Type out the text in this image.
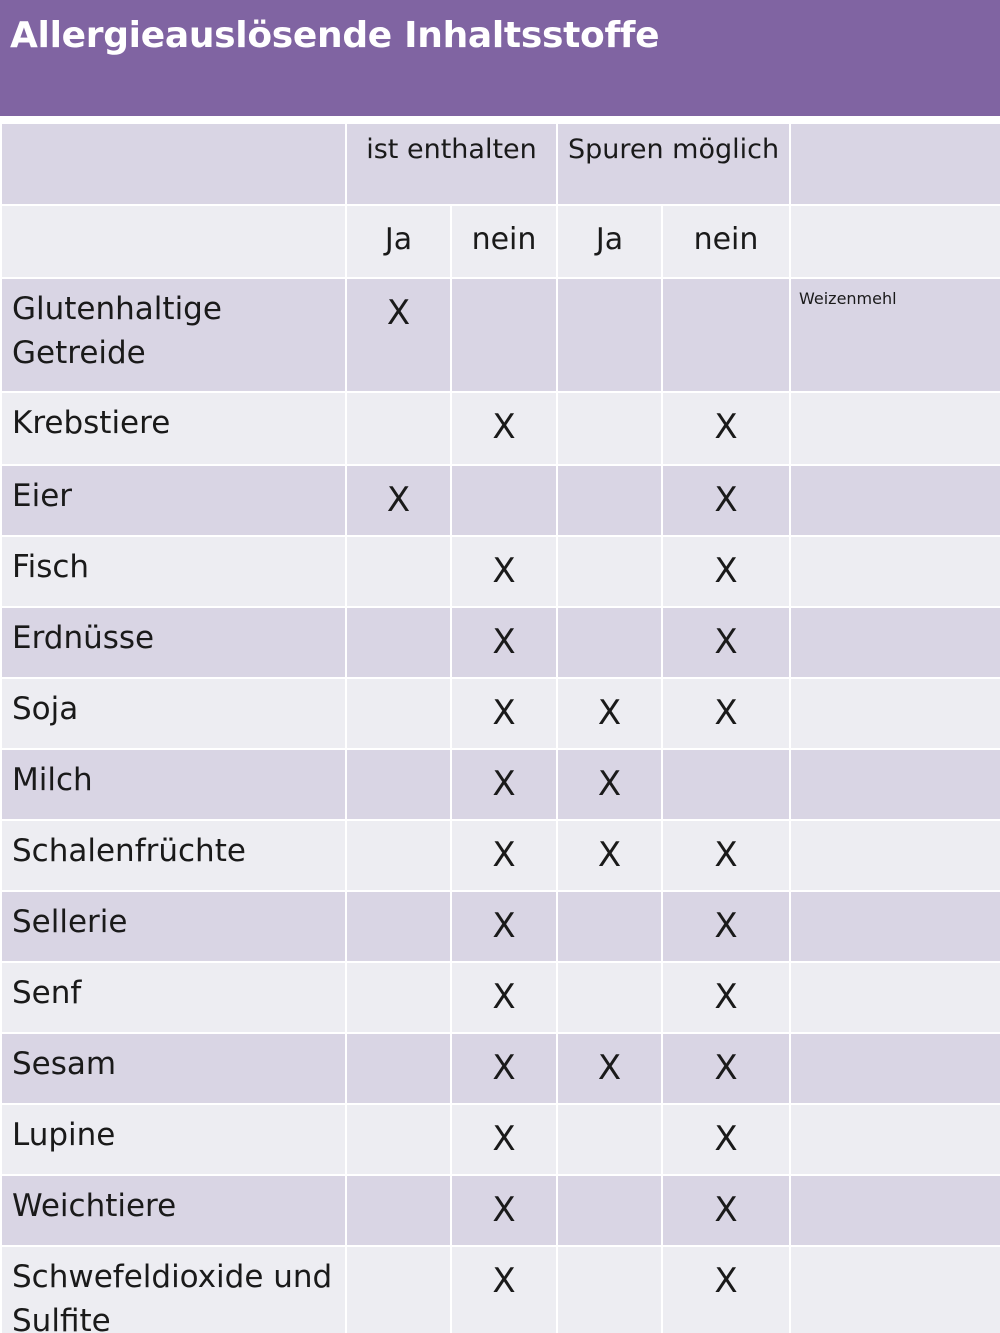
Allergieauslösende Inhaltsstoffe
	ist enthalten		Spuren möglich		
	Ja	nein	Ja	nein	
Glutenhaltige Getreide	X				Weizenmehl
Krebstiere		X		X	
Eier	X			X	
Fisch		X		X	
Erdnüsse		X		X	
Soja		X	X	X	
Milch		X	X		
Schalenfrüchte		X	X	X	
Sellerie		X		X	
Senf		X		X	
Sesam		X	X	X	
Lupine		X		X	
Weichtiere		X		X	
Schwefeldioxide und Sulfite		X		X	
